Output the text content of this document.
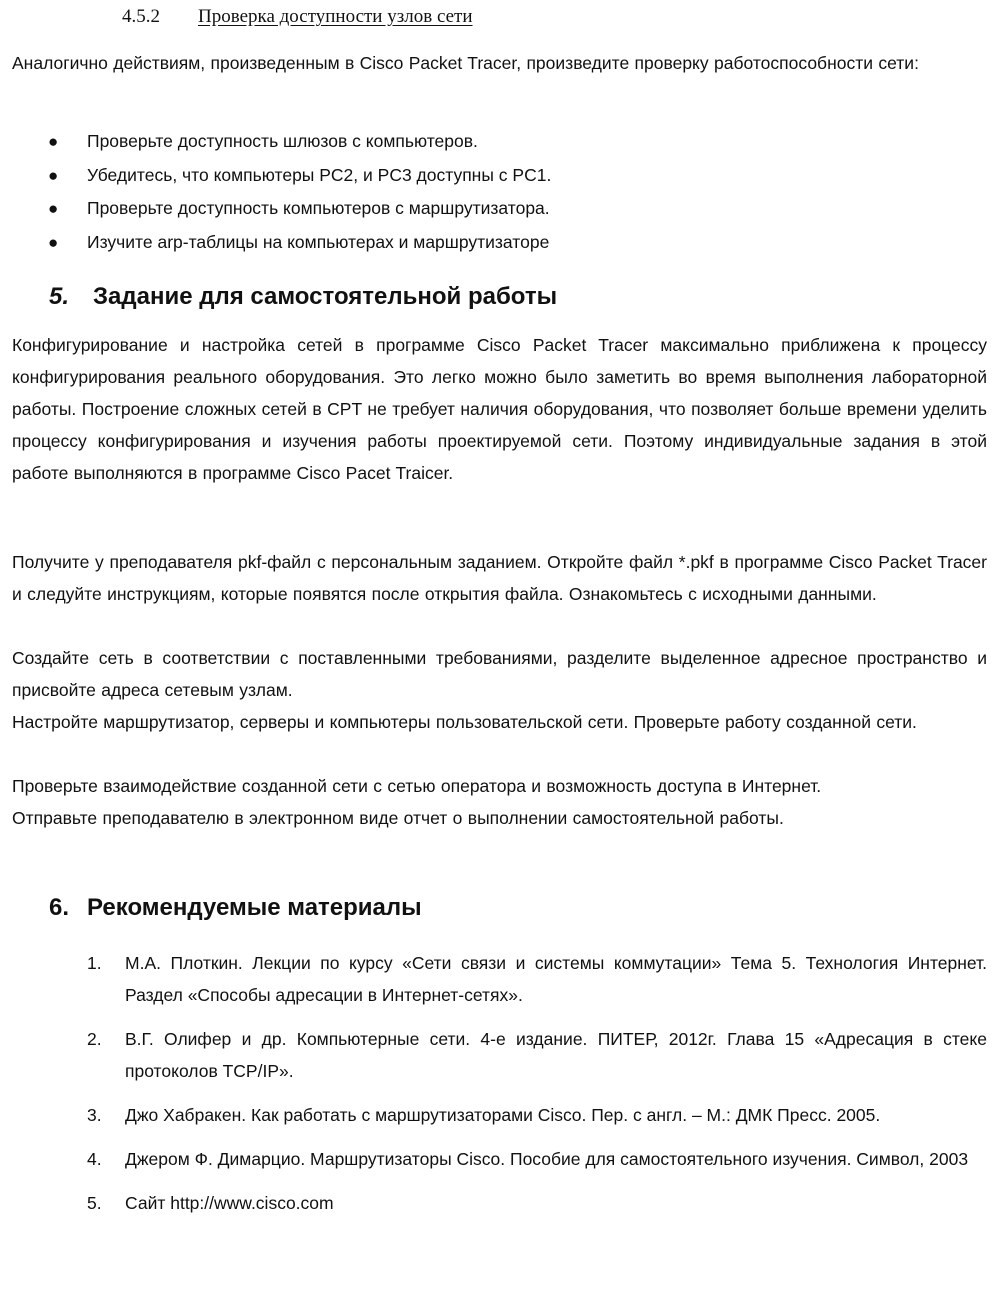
4.5.2 Проверка доступности узлов сети
Аналогично действиям, произведенным в Cisco Packet Tracer, произведите проверку работоспособности сети:
● Проверьте доступность шлюзов с компьютеров.
● Убедитесь, что компьютеры PC2, и PC3 доступны с PC1.
● Проверьте доступность компьютеров с маршрутизатора.
● Изучите arp-таблицы на компьютерах и маршрутизаторе
5. Задание для самостоятельной работы
Конфигурирование и настройка сетей в программе Cisco Packet Tracer максимально приближена к процессу конфигурирования реального оборудования. Это легко можно было заметить во время выполнения лабораторной работы. Построение сложных сетей в CPT не требует наличия оборудования, что позволяет больше времени уделить процессу конфигурирования и изучения работы проектируемой сети. Поэтому индивидуальные задания в этой работе выполняются в программе Cisco Pacet Traicer.
Получите у преподавателя pkf-файл с персональным заданием. Откройте файл *.pkf в программе Cisco Packet Tracer и следуйте инструкциям, которые появятся после открытия файла. Ознакомьтесь с исходными данными.
Создайте сеть в соответствии с поставленными требованиями, разделите выделенное адресное пространство и присвойте адреса сетевым узлам.
Настройте маршрутизатор, серверы и компьютеры пользовательской сети. Проверьте работу созданной сети.
Проверьте взаимодействие созданной сети с сетью оператора и возможность доступа в Интернет.
Отправьте преподавателю в электронном виде отчет о выполнении самостоятельной работы.
6. Рекомендуемые материалы
1. М.А. Плоткин. Лекции по курсу «Сети связи и системы коммутации» Тема 5. Технология Интернет. Раздел «Способы адресации в Интернет-сетях».
2. В.Г. Олифер и др. Компьютерные сети. 4-е издание. ПИТЕР, 2012г. Глава 15 «Адресация в стеке протоколов TCP/IP».
3. Джо Хабракен. Как работать с маршрутизаторами Cisco. Пер. с англ. – М.: ДМК Пресс. 2005.
4. Джером Ф. Димарцио. Маршрутизаторы Cisco. Пособие для самостоятельного изучения. Символ, 2003
5. Сайт http://www.cisco.com
